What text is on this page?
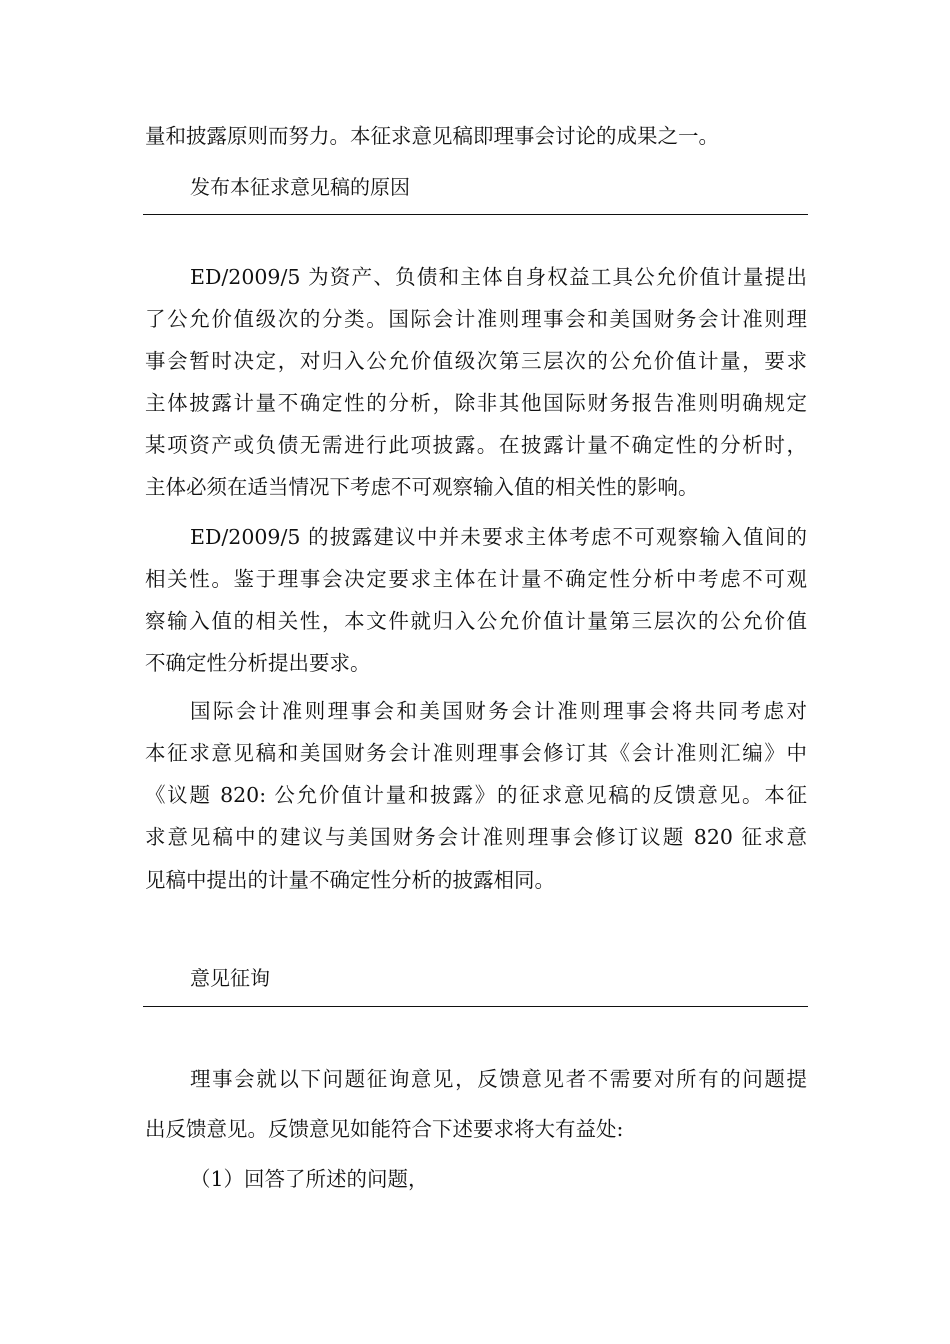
量和披露原则而努力。本征求意见稿即理事会讨论的成果之一。
发布本征求意见稿的原因
ED/2009/5 为资产、负债和主体自身权益工具公允价值计量提出
了公允价值级次的分类。国际会计准则理事会和美国财务会计准则理
事会暂时决定，对归入公允价值级次第三层次的公允价值计量，要求
主体披露计量不确定性的分析，除非其他国际财务报告准则明确规定
某项资产或负债无需进行此项披露。在披露计量不确定性的分析时，
主体必须在适当情况下考虑不可观察输入值的相关性的影响。
ED/2009/5 的披露建议中并未要求主体考虑不可观察输入值间的
相关性。鉴于理事会决定要求主体在计量不确定性分析中考虑不可观
察输入值的相关性，本文件就归入公允价值计量第三层次的公允价值
不确定性分析提出要求。
国际会计准则理事会和美国财务会计准则理事会将共同考虑对
本征求意见稿和美国财务会计准则理事会修订其《会计准则汇编》中
《议题 820: 公允价值计量和披露》的征求意见稿的反馈意见。本征
求意见稿中的建议与美国财务会计准则理事会修订议题 820 征求意
见稿中提出的计量不确定性分析的披露相同。
意见征询
理事会就以下问题征询意见，反馈意见者不需要对所有的问题提
出反馈意见。反馈意见如能符合下述要求将大有益处:
（1）回答了所述的问题，
